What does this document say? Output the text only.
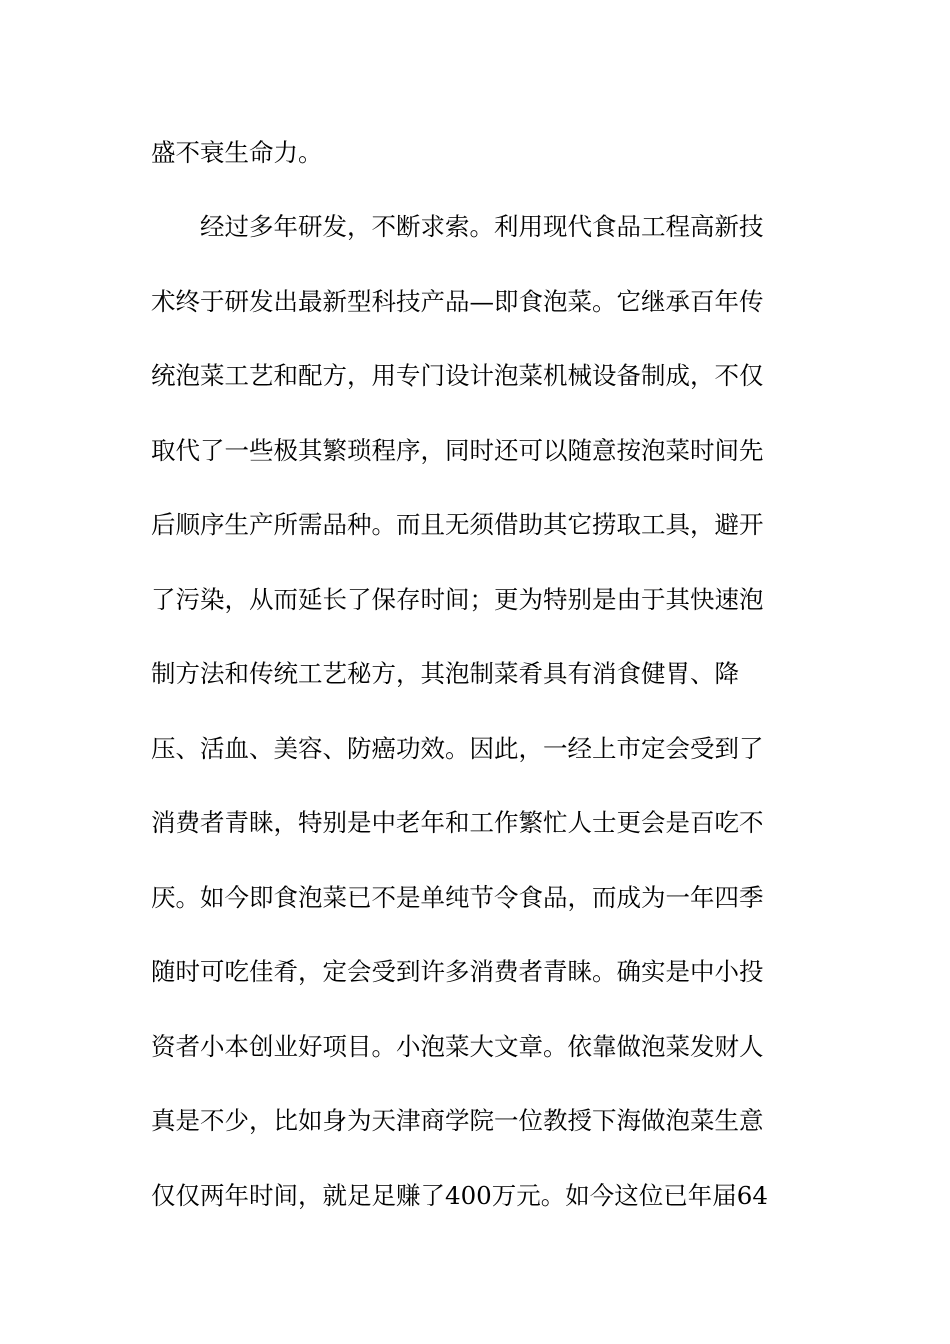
盛不衰生命力。
经过多年研发，不断求索。利用现代食品工程高新技
术终于研发出最新型科技产品—即食泡菜。它继承百年传
统泡菜工艺和配方，用专门设计泡菜机械设备制成，不仅
取代了一些极其繁琐程序，同时还可以随意按泡菜时间先
后顺序生产所需品种。而且无须借助其它捞取工具，避开
了污染，从而延长了保存时间；更为特别是由于其快速泡
制方法和传统工艺秘方，其泡制菜肴具有消食健胃、降
压、活血、美容、防癌功效。因此，一经上市定会受到了
消费者青睐，特别是中老年和工作繁忙人士更会是百吃不
厌。如今即食泡菜已不是单纯节令食品，而成为一年四季
随时可吃佳肴，定会受到许多消费者青睐。确实是中小投
资者小本创业好项目。小泡菜大文章。依靠做泡菜发财人
真是不少，比如身为天津商学院一位教授下海做泡菜生意
仅仅两年时间，就足足赚了400万元。如今这位已年届64
